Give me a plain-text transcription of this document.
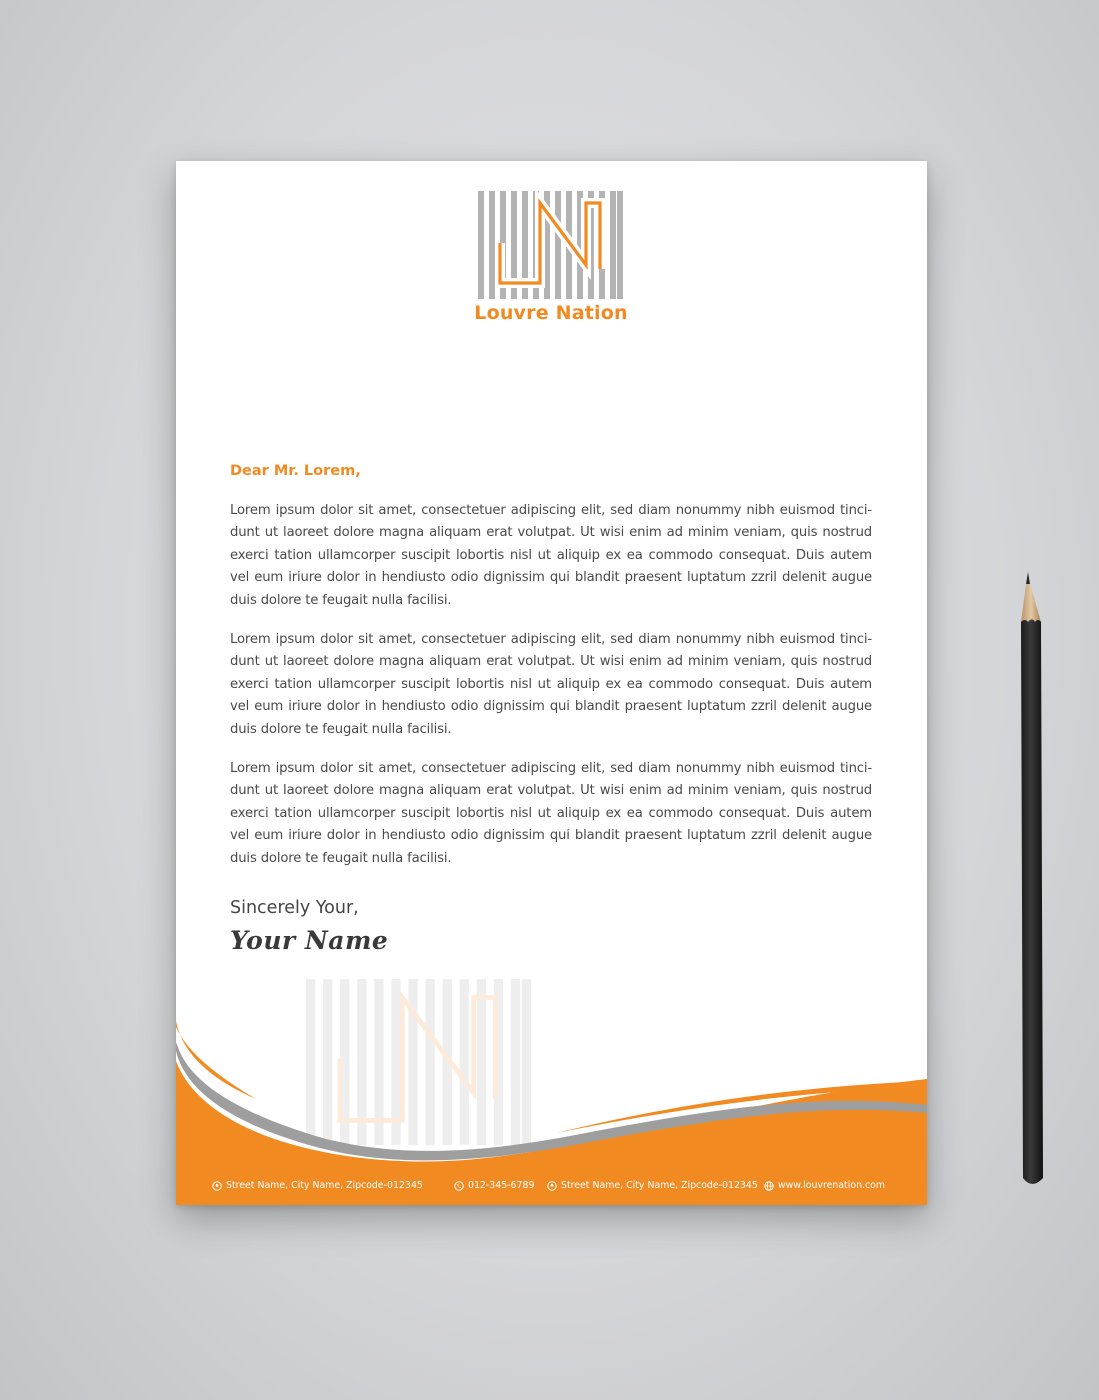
Louvre Nation
Dear Mr. Lorem,

Lorem ipsum dolor sit amet, consectetuer adipiscing elit, sed diam nonummy nibh euismod tinci-dunt ut laoreet dolore magna aliquam erat volutpat. Ut wisi enim ad minim veniam, quis nostrud exerci tation ullamcorper suscipit lobortis nisl ut aliquip ex ea commodo consequat. Duis autem vel eum iriure dolor in hendiusto odio dignissim qui blandit praesent luptatum zzril delenit augue duis dolore te feugait nulla facilisi.

Lorem ipsum dolor sit amet, consectetuer adipiscing elit, sed diam nonummy nibh euismod tinci-dunt ut laoreet dolore magna aliquam erat volutpat. Ut wisi enim ad minim veniam, quis nostrud exerci tation ullamcorper suscipit lobortis nisl ut aliquip ex ea commodo consequat. Duis autem vel eum iriure dolor in hendiusto odio dignissim qui blandit praesent luptatum zzril delenit augue duis dolore te feugait nulla facilisi.

Lorem ipsum dolor sit amet, consectetuer adipiscing elit, sed diam nonummy nibh euismod tinci-dunt ut laoreet dolore magna aliquam erat volutpat. Ut wisi enim ad minim veniam, quis nostrud exerci tation ullamcorper suscipit lobortis nisl ut aliquip ex ea commodo consequat. Duis autem vel eum iriure dolor in hendiusto odio dignissim qui blandit praesent luptatum zzril delenit augue duis dolore te feugait nulla facilisi.

Sincerely Your,
Your Name
Street Name, City Name, Zipcode-012345	012-345-6789	Street Name, City Name, Zipcode-012345 www.louvrenation.com
